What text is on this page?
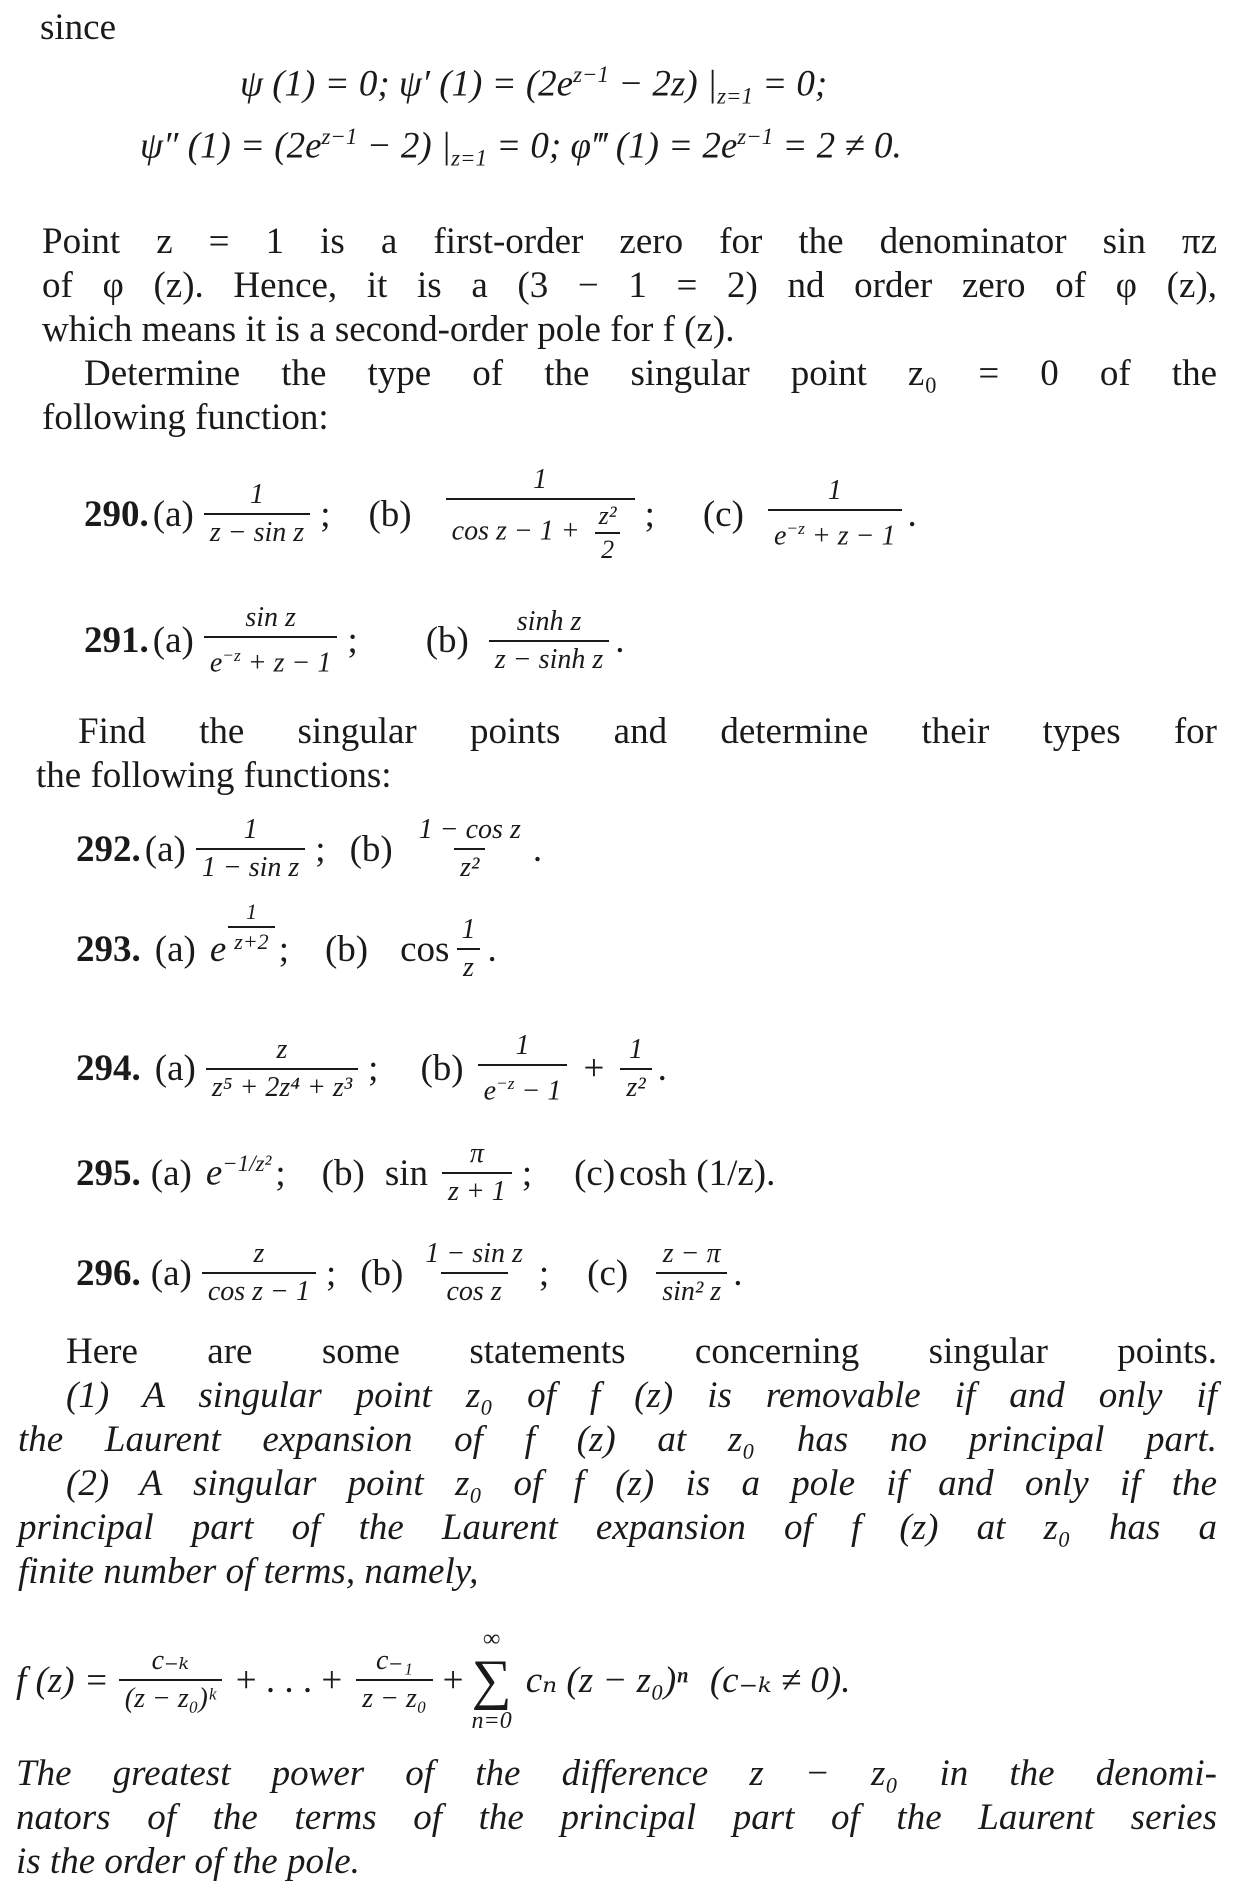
since
ψ (1) = 0; ψ′ $(1) = (2e^{z-1} - 2z) |_{z=1} = 0$;
ψ″ $(1) = (2e^{z-1} - 2) |_{z=1} = 0$; φ‴ $(1) = 2e^{z-1} = 2 \ne 0$.
Point z = 1 is a first-order zero for the denominator sin πz
of φ (z). Hence, it is a (3 − 1 = 2) nd order zero of φ (z),
which means it is a second-order pole for f (z).
Determine the type of the singular point z₀ = 0 of the
following function:
290. $(a) \frac{1}{\text{z − sin z}}$ ; $(b) \frac{1}{\cos z - 1 + \frac{\text{z²}}{2}}$ ; $(c) \frac{1}{e^{-z} + z - 1}$ .
291. $(a) \frac{\text{sin z}}{e^{-z} + z - 1}$ ; $(b) \frac{\text{sinh z}}{\text{z − sinh z}}$ .
Find the singular points and determine their types for
the following functions:
292. $(a) \frac{1}{\text{1 − sin z}}$ ; $(b) \frac{\text{1 − cos z}}{\text{z²}}$ .
293. (a) e $\frac{1}{z+2}$ ; (b) $\cos \frac{1}{z}$ .
294. $(a) \frac{z}{\text{z⁵ + 2z⁴ + z³}}$ ; $(b) \frac{1}{e^{-z} - 1} + \frac{1}{\text{z²}}$ .
295. (a) $e^{-1/z^2}$ ; (b) $\sin \frac{\pi}{z + 1}$ ; (c) cosh (1/z).
296. $(a) \frac{z}{\text{cos z − 1}}$ ; $(b) \frac{\text{1 − sin z}}{\text{cos z}}$ ; $(c) \frac{z - \pi}{\text{sin² z}}$ .
Here are some statements concerning singular points.
(1) A singular point z₀ of f (z) is removable if and only if
the Laurent expansion of f (z) at z₀ has no principal part.
(2) A singular point z₀ of f (z) is a pole if and only if the
principal part of the Laurent expansion of f (z) at z₀ has a
finite number of terms, namely,
f $(z) = \frac{\text{c₋ₖ}}{\text{(z − z₀)ᵏ}}$ + . . . + $\frac{\text{c₋₁}}{\text{z − z₀}}$ +
∞
∑
n=0
cₙ (z − z₀)ⁿ (c₋ₖ ≠ 0).
The greatest power of the difference z − z₀ in the denomi-
nators of the terms of the principal part of the Laurent series
is the order of the pole.
